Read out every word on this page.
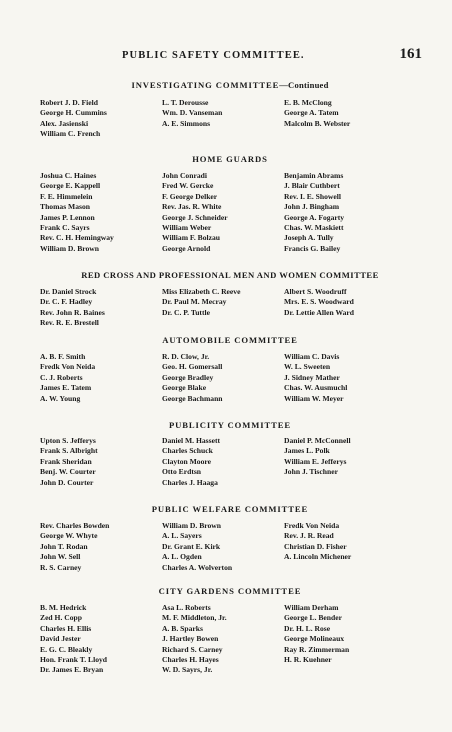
PUBLIC SAFETY COMMITTEE.	161
INVESTIGATING COMMITTEE—Continued
Robert J. D. Field
George H. Cummins
Alex. Jasienski
William C. French
L. T. Derousse
Wm. D. Vanseman
A. E. Simmons
E. B. McClong
George A. Tatem
Malcolm B. Webster
HOME GUARDS
Joshua C. Haines
George E. Kappell
F. E. Himmelein
Thomas Mason
James P. Lennon
Frank C. Sayrs
Rev. C. H. Hemingway
William D. Brown
John Conradi
Fred W. Gercke
F. George Delker
Rev. Jas. R. White
George J. Schneider
William Weber
William F. Bolzau
George Arnold
Benjamin Abrams
J. Blair Cuthbert
Rev. I. E. Showell
John J. Bingham
George A. Fogarty
Chas. W. Maskiett
Joseph A. Tully
Francis G. Bailey
RED CROSS AND PROFESSIONAL MEN AND WOMEN COMMITTEE
Dr. Daniel Strock
Dr. C. F. Hadley
Rev. John R. Baines
Rev. R. E. Brestell
Miss Elizabeth C. Reeve
Dr. Paul M. Mecray
Dr. C. P. Tuttle
Albert S. Woodruff
Mrs. E. S. Woodward
Dr. Lettie Allen Ward
AUTOMOBILE COMMITTEE
A. B. F. Smith
Fredk Von Neida
C. J. Roberts
James E. Tatem
A. W. Young
R. D. Clow, Jr.
Geo. H. Gomersall
George Bradley
George Blake
George Bachmann
William C. Davis
W. L. Sweeten
J. Sidney Mather
Chas. W. Ausmuchl
William W. Meyer
PUBLICITY COMMITTEE
Upton S. Jefferys
Frank S. Albright
Frank Sheridan
Benj. W. Courter
John D. Courter
Daniel M. Hassett
Charles Schuck
Clayton Moore
Otto Erdtsn
Charles J. Haaga
Daniel P. McConnell
James L. Polk
William E. Jefferys
John J. Tischner
PUBLIC WELFARE COMMITTEE
Rev. Charles Bowden
George W. Whyte
John T. Rodan
John W. Sell
R. S. Carney
William D. Brown
A. L. Sayers
Dr. Grant E. Kirk
A. L. Ogden
Charles A. Wolverton
Fredk Von Neida
Rev. J. R. Read
Christian D. Fisher
A. Lincoln Michener
CITY GARDENS COMMITTEE
B. M. Hedrick
Zed H. Copp
Charles H. Ellis
David Jester
E. G. C. Bleakly
Hon. Frank T. Lloyd
Dr. James E. Bryan
Asa L. Roberts
M. F. Middleton, Jr.
A. B. Sparks
J. Hartley Bowen
Richard S. Carney
Charles H. Hayes
W. D. Sayrs, Jr.
William Derham
George L. Bender
Dr. H. L. Rose
George Molineaux
Ray R. Zimmerman
H. R. Kuehner
